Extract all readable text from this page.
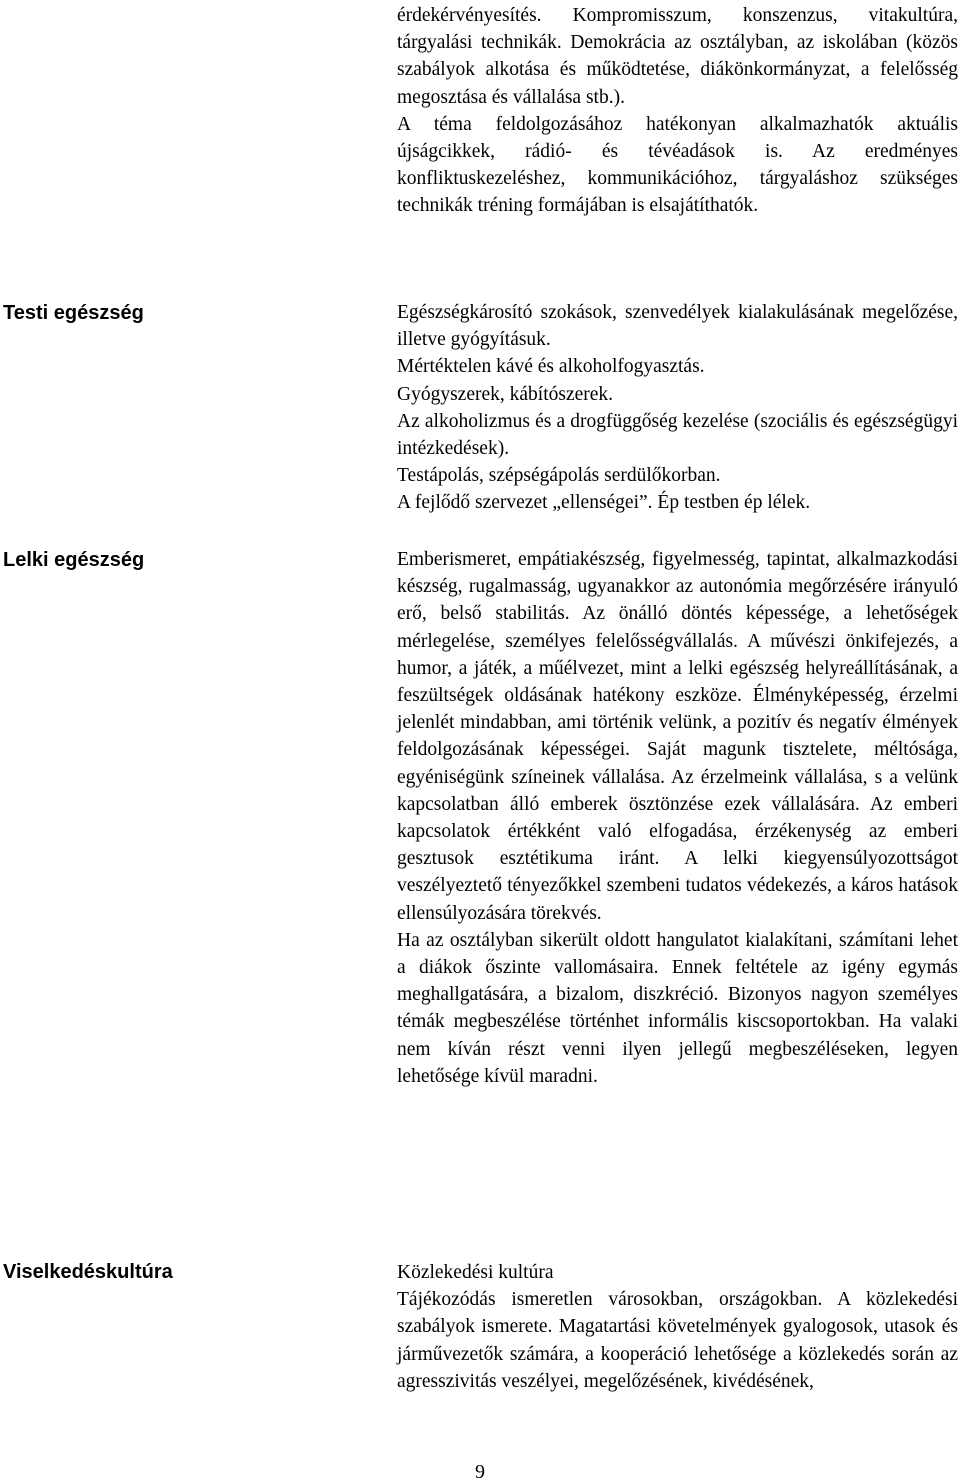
érdekérvényesítés. Kompromisszum, konszenzus, vitakultúra, tárgyalási technikák. Demokrácia az osztályban, az iskolában (közös szabályok alkotása és működtetése, diákönkormányzat, a felelősség megosztása és vállalása stb.).

A téma feldolgozásához hatékonyan alkalmazhatók aktuális újságcikkek, rádió- és tévéadások is. Az eredményes konfliktuskezeléshez, kommunikációhoz, tárgyaláshoz szükséges technikák tréning formájában is elsajátíthatók.

Testi egészség	Egészségkárosító szokások, szenvedélyek kialakulásának megelőzése, illetve gyógyításuk.

Mértéktelen kávé és alkoholfogyasztás.

Gyógyszerek, kábítószerek.

Az alkoholizmus és a drogfüggőség kezelése (szociális és egészségügyi intézkedések).

Testápolás, szépségápolás serdülőkorban.

A fejlődő szervezet „ellenségei”. Ép testben ép lélek.

Lelki egészség	Emberismeret, empátiakészség, figyelmesség, tapintat, alkalmazkodási készség, rugalmasság, ugyanakkor az autonómia megőrzésére irányuló erő, belső stabilitás. Az önálló döntés képessége, a lehetőségek mérlegelése, személyes felelősségvállalás. A művészi önkifejezés, a humor, a játék, a műélvezet, mint a lelki egészség helyreállításának, a feszültségek oldásának hatékony eszköze. Élményképesség, érzelmi jelenlét mindabban, ami történik velünk, a pozitív és negatív élmények feldolgozásának képességei. Saját magunk tisztelete, méltósága, egyéniségünk színeinek vállalása. Az érzelmeink vállalása, s a velünk kapcsolatban álló emberek ösztönzése ezek vállalására. Az emberi kapcsolatok értékként való elfogadása, érzékenység az emberi gesztusok esztétikuma iránt. A lelki kiegyensúlyozottságot veszélyeztető tényezőkkel szembeni tudatos védekezés, a káros hatások ellensúlyozására törekvés.

Ha az osztályban sikerült oldott hangulatot kialakítani, számítani lehet a diákok őszinte vallomásaira. Ennek feltétele az igény egymás meghallgatására, a bizalom, diszkréció. Bizonyos nagyon személyes témák megbeszélése történhet informális kiscsoportokban. Ha valaki nem kíván részt venni ilyen jellegű megbeszéléseken, legyen lehetősége kívül maradni.

Viselkedéskultúra	Közlekedési kultúra

Tájékozódás ismeretlen városokban, országokban. A közlekedési szabályok ismerete. Magatartási követelmények gyalogosok, utasok és járművezetők számára, a kooperáció lehetősége a közlekedés során az agresszivitás veszélyei, megelőzésének, kivédésének,

9
